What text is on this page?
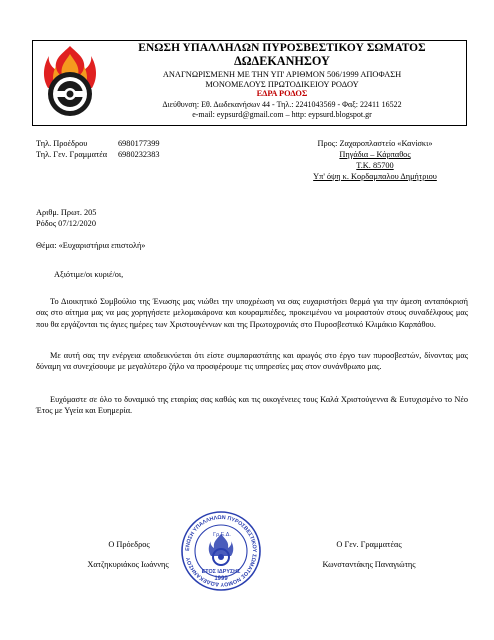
ΕΝΩΣΗ ΥΠΑΛΛΗΛΩΝ ΠΥΡΟΣΒΕΣΤΙΚΟΥ ΣΩΜΑΤΟΣ
ΔΩΔΕΚΑΝΗΣΟΥ
ΑΝΑΓΝΩΡΙΣΜΕΝΗ ΜΕ ΤΗΝ ΥΠ' ΑΡΙΘΜΟΝ 506/1999 ΑΠΟΦΑΣΗ
ΜΟΝΟΜΕΛΟΥΣ ΠΡΩΤΟΔΙΚΕΙΟΥ ΡΟΔΟΥ
ΕΔΡΑ ΡΟΔΟΣ
Διεύθυνση: Εθ. Δωδεκανήσων 44 - Τηλ.: 2241043569 - Φαξ: 22411 16522
e-mail: eypsurd@gmail.com – http: eypsurd.blogspot.gr
Τηλ. Προέδρου	6980177399
Τηλ. Γεν. Γραμματέα 6980232383
Προς: Ζαχαροπλαστείο «Κανίσκι»
Πηγάδια – Κάρπαθος
Τ.Κ. 85700
Υπ' όψη κ. Κορδαμπαλου Δημήτριου
Αριθμ. Πρωτ. 205
Ρόδος 07/12/2020
Θέμα: «Ευχαριστήρια επιστολή»
Αξιότιμε/οι κυριέ/οι,
Το Διοικητικό Συμβούλιο της Ένωσης μας νιώθει την υποχρέωση να σας ευχαριστήσει θερμά για την άμεση ανταπόκρισή σας στο αίτημα μας να μας χορηγήσετε μελομακάρονα και κουραμπιέδες, προκειμένου να μοιραστούν στους συναδέλφους μας που θα εργάζονται τις άγιες ημέρες των Χριστουγέννων και της Πρωτοχρονιάς στο Πυροσβεστικό Κλιμάκιο Καρπάθου.
Με αυτή σας την ενέργεια αποδεικνύεται ότι είστε συμπαραστάτης και αρωγός στο έργο των πυροσβεστών, δίνοντας μας δύναμη να συνεχίσουμε με μεγαλύτερο ζήλο να προσφέρουμε τις υπηρεσίες μας στον συνάνθρωπο μας.
Ευχόμαστε σε όλο το δυναμικό της εταιρίας σας καθώς και τις οικογένειες τους Καλά Χριστούγεννα & Ευτυχισμένο το Νέο Έτος με Υγεία και Ευημερία.
ΕΝΩΣΗ ΥΠΑΛΛΗΛΩΝ ΠΥΡΟΣΒΕΣΤΙΚΟΥ ΣΩΜΑΤΟΣ ΝΟΜΟΥ ΔΩΔΕΚΑΝΗΣΟΥ
Γρ.Ε.Δ.
ΕΤΟΣ ΙΔΡΥΣΗΣ
1999
Ο Πρόεδρος
Χατζηκυριάκος Ιωάννης
Ο Γεν. Γραμματέας
Κωνσταντάκης Παναγιώτης
